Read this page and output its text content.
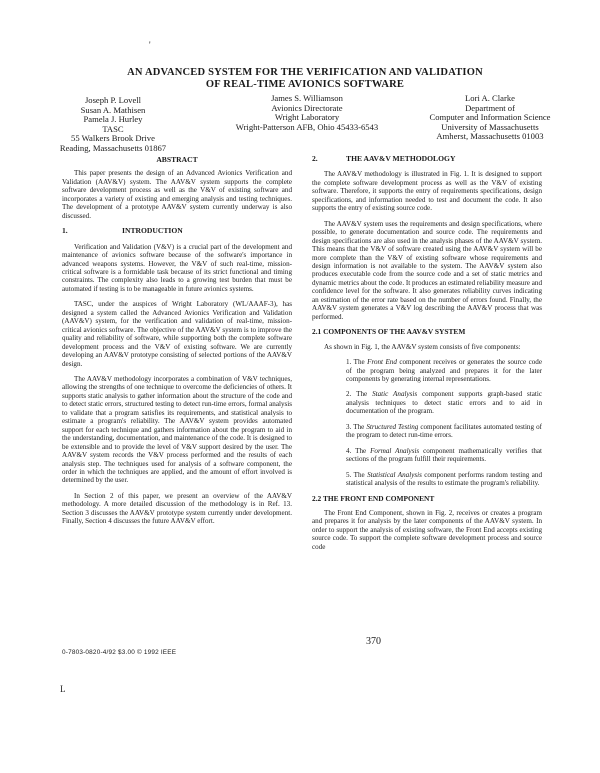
'
AN ADVANCED SYSTEM FOR THE VERIFICATION AND VALIDATION
OF REAL-TIME AVIONICS SOFTWARE
Joseph P. Lovell
Susan A. Mathisen
Pamela J. Hurley
TASC
55 Walkers Brook Drive
Reading, Massachusetts 01867
James S. Williamson
Avionics Directorate
Wright Laboratory
Wright-Patterson AFB, Ohio 45433-6543
Lori A. Clarke
Department of
Computer and Information Science
University of Massachusetts
Amherst, Massachusetts 01003
ABSTRACT

This paper presents the design of an Advanced Avionics Verification and Validation (AAV&V) system. The AAV&V system supports the complete software development process as well as the V&V of existing software and incorporates a variety of existing and emerging analysis and testing techniques. The development of a prototype AAV&V system currently underway is also discussed.

1.	INTRODUCTION

Verification and Validation (V&V) is a crucial part of the development and maintenance of avionics software because of the software's importance in advanced weapons systems. However, the V&V of such real-time, mission-critical software is a formidable task because of its strict functional and timing constraints. The complexity also leads to a growing test burden that must be automated if testing is to be manageable in future avionics systems.

TASC, under the auspices of Wright Laboratory (WL/AAAF-3), has designed a system called the Advanced Avionics Verification and Validation (AAV&V) system, for the verification and validation of real-time, mission-critical avionics software. The objective of the AAV&V system is to improve the quality and reliability of software, while supporting both the complete software development process and the V&V of existing software. We are currently developing an AAV&V prototype consisting of selected portions of the AAV&V design.

The AAV&V methodology incorporates a combination of V&V techniques, allowing the strengths of one technique to overcome the deficiencies of others. It supports static analysis to gather information about the structure of the code and to detect static errors, structured testing to detect run-time errors, formal analysis to validate that a program satisfies its requirements, and statistical analysis to estimate a program's reliability. The AAV&V system provides automated support for each technique and gathers information about the program to aid in the understanding, documentation, and maintenance of the code. It is designed to be extensible and to provide the level of V&V support desired by the user. The AAV&V system records the V&V process performed and the results of each analysis step. The techniques used for analysis of a software component, the order in which the techniques are applied, and the amount of effort involved is determined by the user.

In Section 2 of this paper, we present an overview of the AAV&V methodology. A more detailed discussion of the methodology is in Ref. 13. Section 3 discusses the AAV&V prototype system currently under development. Finally, Section 4 discusses the future AAV&V effort.

2.	THE AAV&V METHODOLOGY

The AAV&V methodology is illustrated in Fig. 1. It is designed to support the complete software development process as well as the V&V of existing software. Therefore, it supports the entry of requirements specifications, design specifications, and information needed to test and document the code. It also supports the entry of existing source code.

The AAV&V system uses the requirements and design specifications, where possible, to generate documentation and source code. The requirements and design specifications are also used in the analysis phases of the AAV&V system. This means that the V&V of software created using the AAV&V system will be more complete than the V&V of existing software whose requirements and design information is not available to the system. The AAV&V system also produces executable code from the source code and a set of static metrics and dynamic metrics about the code. It produces an estimated reliability measure and confidence level for the software. It also generates reliability curves indicating an estimation of the error rate based on the number of errors found. Finally, the AAV&V system generates a V&V log describing the AAV&V process that was performed.

2.1 COMPONENTS OF THE AAV&V SYSTEM

As shown in Fig. 1, the AAV&V system consists of five components:

1. The Front End component receives or generates the source code of the program being analyzed and prepares it for the later components by generating internal representations.
2. The Static Analysis component supports graph-based static analysis techniques to detect static errors and to aid in documentation of the program.
3. The Structured Testing component facilitates automated testing of the program to detect run-time errors.
4. The Formal Analysis component mathematically verifies that sections of the program fulfill their requirements.
5. The Statistical Analysis component performs random testing and statistical analysis of the results to estimate the program's reliability.
2.2 THE FRONT END COMPONENT

The Front End Component, shown in Fig. 2, receives or creates a program and prepares it for analysis by the later components of the AAV&V system. In order to support the analysis of existing software, the Front End accepts existing source code. To support the complete software development process and source code

370
0-7803-0820-4/92 $3.00 © 1992 IEEE
L
